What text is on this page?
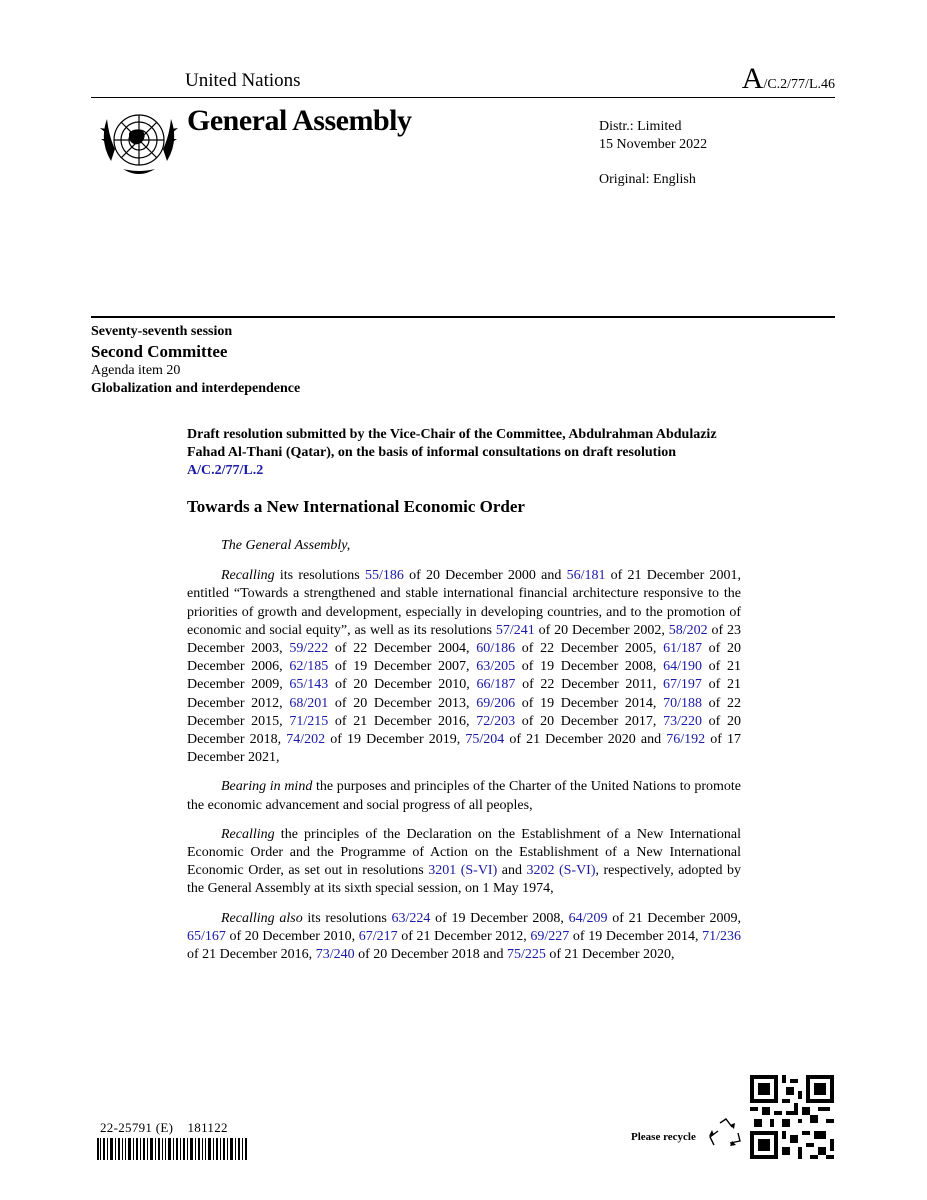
United Nations	A/C.2/77/L.46
General Assembly	Distr.: Limited
15 November 2022
Original: English
Seventy-seventh session
Second Committee
Agenda item 20
Globalization and interdependence
Draft resolution submitted by the Vice-Chair of the Committee, Abdulrahman Abdulaziz Fahad Al-Thani (Qatar), on the basis of informal consultations on draft resolution A/C.2/77/L.2
Towards a New International Economic Order

The General Assembly,

Recalling its resolutions 55/186 of 20 December 2000 and 56/181 of 21 December 2001, entitled “Towards a strengthened and stable international financial architecture responsive to the priorities of growth and development, especially in developing countries, and to the promotion of economic and social equity”, as well as its resolutions 57/241 of 20 December 2002, 58/202 of 23 December 2003, 59/222 of 22 December 2004, 60/186 of 22 December 2005, 61/187 of 20 December 2006, 62/185 of 19 December 2007, 63/205 of 19 December 2008, 64/190 of 21 December 2009, 65/143 of 20 December 2010, 66/187 of 22 December 2011, 67/197 of 21 December 2012, 68/201 of 20 December 2013, 69/206 of 19 December 2014, 70/188 of 22 December 2015, 71/215 of 21 December 2016, 72/203 of 20 December 2017, 73/220 of 20 December 2018, 74/202 of 19 December 2019, 75/204 of 21 December 2020 and 76/192 of 17 December 2021,

Bearing in mind the purposes and principles of the Charter of the United Nations to promote the economic advancement and social progress of all peoples,

Recalling the principles of the Declaration on the Establishment of a New International Economic Order and the Programme of Action on the Establishment of a New International Economic Order, as set out in resolutions 3201 (S-VI) and 3202 (S-VI), respectively, adopted by the General Assembly at its sixth special session, on 1 May 1974,

Recalling also its resolutions 63/224 of 19 December 2008, 64/209 of 21 December 2009, 65/167 of 20 December 2010, 67/217 of 21 December 2012, 69/227 of 19 December 2014, 71/236 of 21 December 2016, 73/240 of 20 December 2018 and 75/225 of 21 December 2020,

22-25791 (E)    181122
Please recycle
